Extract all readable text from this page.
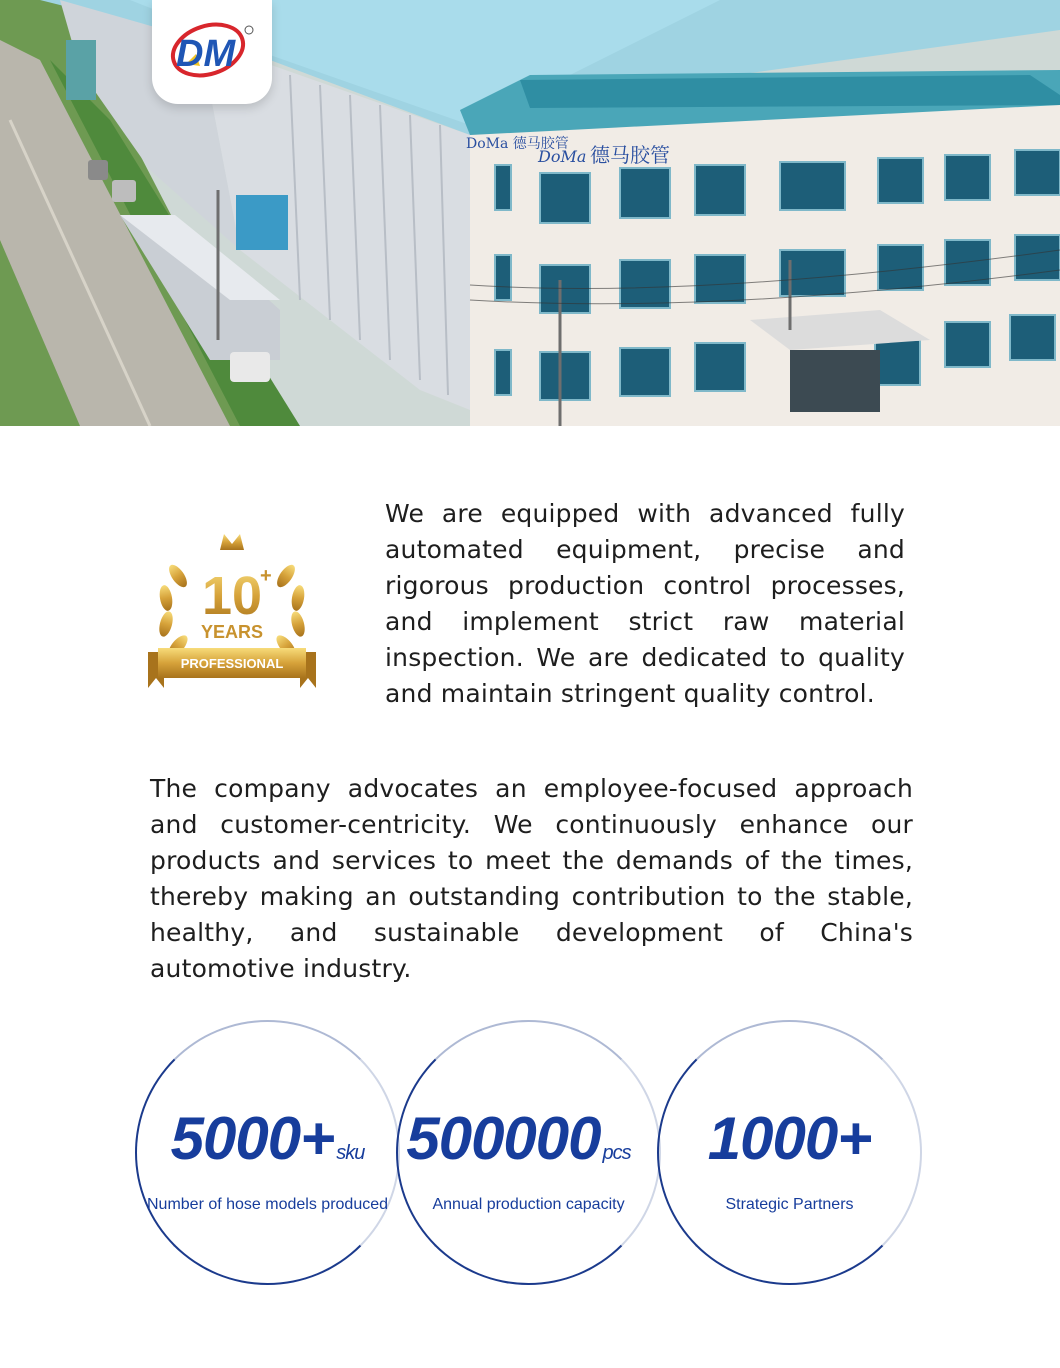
DoMa 德马胶管
DoMa 德马胶管
DM
10
+
YEARS
PROFESSIONAL

We are equipped with advanced fully automated equipment, precise and rigorous production control processes, and implement strict raw material inspection. We are dedicated to quality and maintain stringent quality control.

The company advocates an employee-focused approach and customer-centricity. We continuously enhance our products and services to meet the demands of the times, thereby making an outstanding contribution to the stable, healthy, and sustainable development of China's automotive industry.

5000+ sku
Number of hose models produced
500000 pcs
Annual production capacity
1000+
Strategic Partners
